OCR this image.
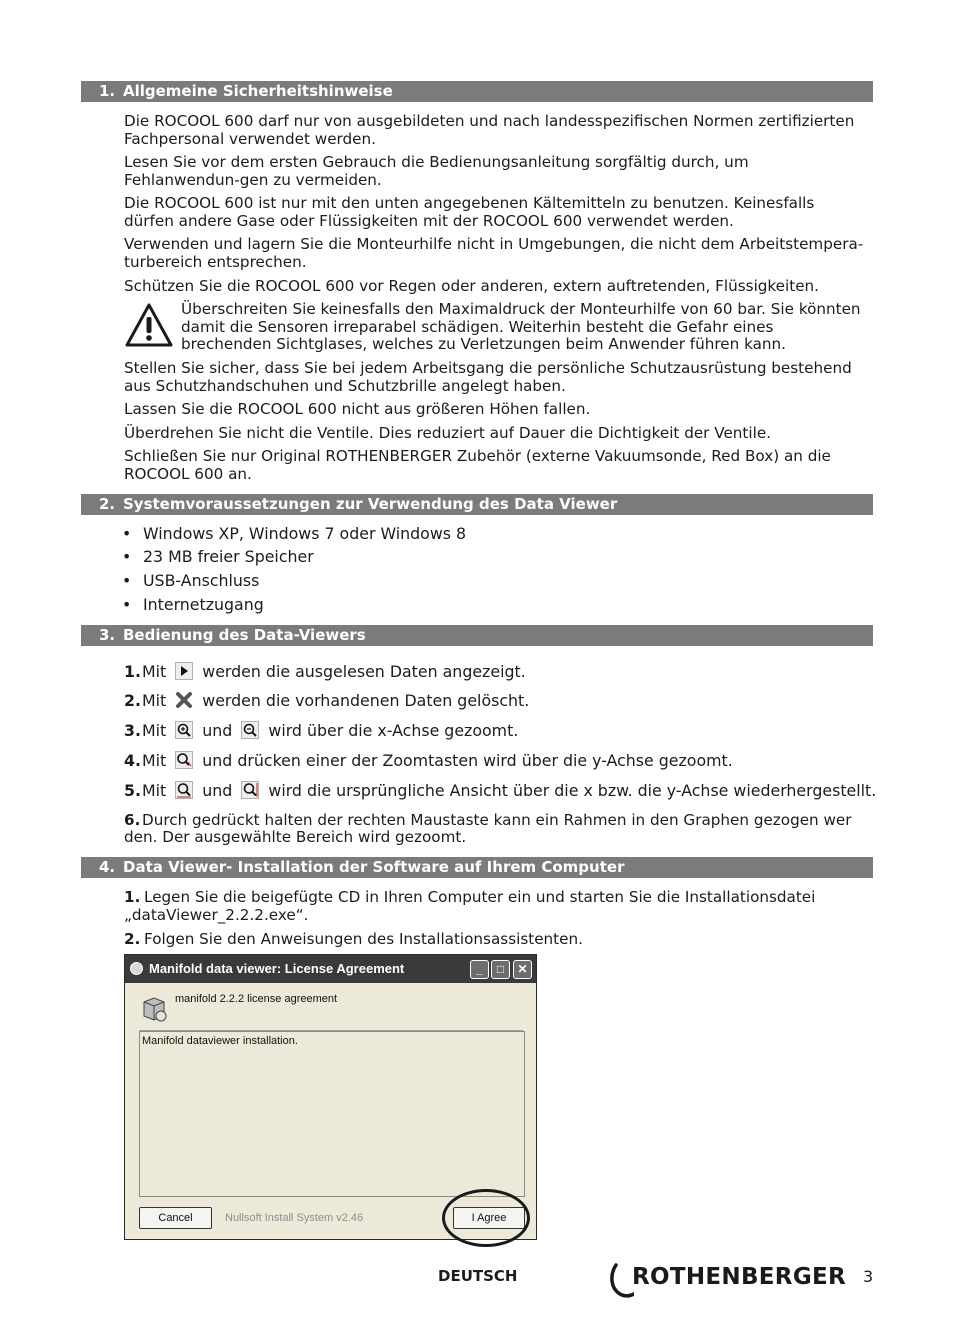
1. Allgemeine Sicherheitshinweise

Die ROCOOL 600 darf nur von ausgebildeten und nach landesspezifischen Normen zertifizierten Fachpersonal verwendet werden.

Lesen Sie vor dem ersten Gebrauch die Bedienungsanleitung sorgfältig durch, um Fehlanwendun-gen zu vermeiden.

Die ROCOOL 600 ist nur mit den unten angegebenen Kältemitteln zu benutzen. Keinesfalls dürfen andere Gase oder Flüssigkeiten mit der ROCOOL 600 verwendet werden.

Verwenden und lagern Sie die Monteurhilfe nicht in Umgebungen, die nicht dem Arbeitstempera-turbereich entsprechen.

Schützen Sie die ROCOOL 600 vor Regen oder anderen, extern auftretenden, Flüssigkeiten.

Überschreiten Sie keinesfalls den Maximaldruck der Monteurhilfe von 60 bar. Sie könnten damit die Sensoren irreparabel schädigen. Weiterhin besteht die Gefahr eines brechenden Sichtglases, welches zu Verletzungen beim Anwender führen kann.

Stellen Sie sicher, dass Sie bei jedem Arbeitsgang die persönliche Schutzausrüstung bestehend aus Schutzhandschuhen und Schutzbrille angelegt haben.

Lassen Sie die ROCOOL 600 nicht aus größeren Höhen fallen.

Überdrehen Sie nicht die Ventile. Dies reduziert auf Dauer die Dichtigkeit der Ventile.

Schließen Sie nur Original ROTHENBERGER Zubehör (externe Vakuumsonde, Red Box) an die ROCOOL 600 an.

2. Systemvoraussetzungen zur Verwendung des Data Viewer
• Windows XP, Windows 7 oder Windows 8
• 23 MB freier Speicher
• USB-Anschluss
• Internetzugang
3. Bedienung des Data-Viewers
1.Mit werden die ausgelesen Daten angezeigt.
2.Mit werden die vorhandenen Daten gelöscht.
3.Mit und wird über die x-Achse gezoomt.
4.Mit und drücken einer der Zoomtasten wird über die y-Achse gezoomt.
5.Mit und wird die ursprüngliche Ansicht über die x bzw. die y-Achse wiederhergestellt.
6. Durch gedrückt halten der rechten Maustaste kann ein Rahmen in den Graphen gezogen wer den. Der ausgewählte Bereich wird gezoomt.
4. Data Viewer- Installation der Software auf Ihrem Computer
1. Legen Sie die beigefügte CD in Ihren Computer ein und starten Sie die Installationsdatei „dataViewer_2.2.2.exe“.
2. Folgen Sie den Anweisungen des Installationsassistenten.
Manifold data viewer: License Agreement	_	□	✕
manifold 2.2.2 license agreement
Manifold dataviewer installation.
Cancel	Nullsoft Install System v2.46	I Agree
DEUTSCH	ROTHENBERGER 3
